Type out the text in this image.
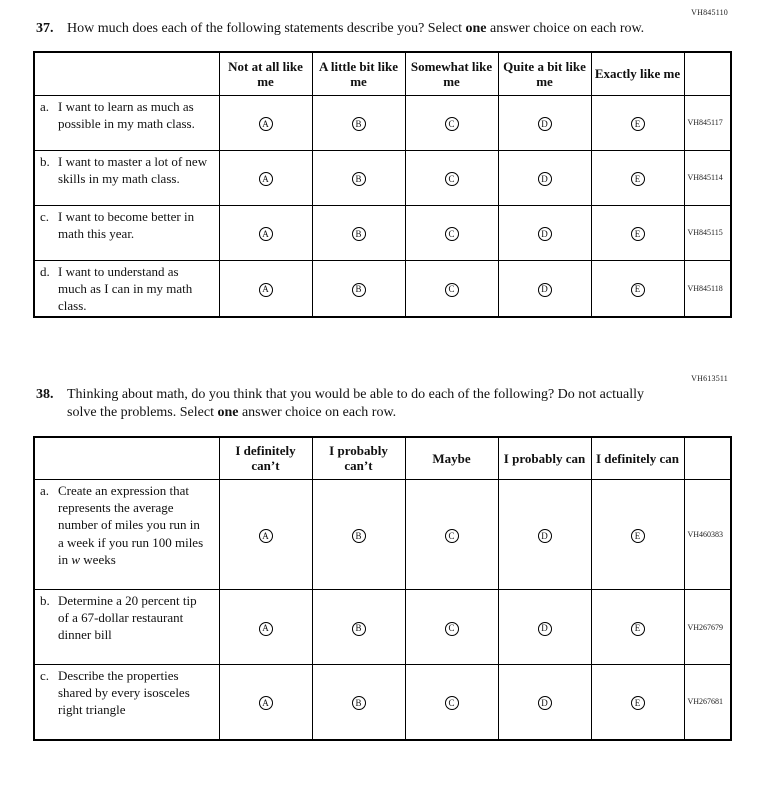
VH845110
37. How much does each of the following statements describe you? Select one answer choice on each row.
	Not at all like me	A little bit like me	Somewhat like me	Quite a bit like me	Exactly like me	

a. I want to learn as much as possible in my math class.	A	B	C	D	E	VH845117

b. I want to master a lot of new skills in my math class.	A	B	C	D	E	VH845114

c. I want to become better in math this year.	A	B	C	D	E	VH845115

d. I want to understand as much as I can in my math class.	A	B	C	D	E	VH845118
VH613511
38. Thinking about math, do you think that you would be able to do each of the following? Do not actually solve the problems. Select one answer choice on each row.
	I definitely can’t	I probably can’t	Maybe	I probably can	I definitely can	

a. Create an expression that represents the average number of miles you run in a week if you run 100 miles in w weeks	A	B	C	D	E	VH460383

b. Determine a 20 percent tip of a 67-dollar restaurant dinner bill	A	B	C	D	E	VH267679

c. Describe the properties shared by every isosceles right triangle	A	B	C	D	E	VH267681
